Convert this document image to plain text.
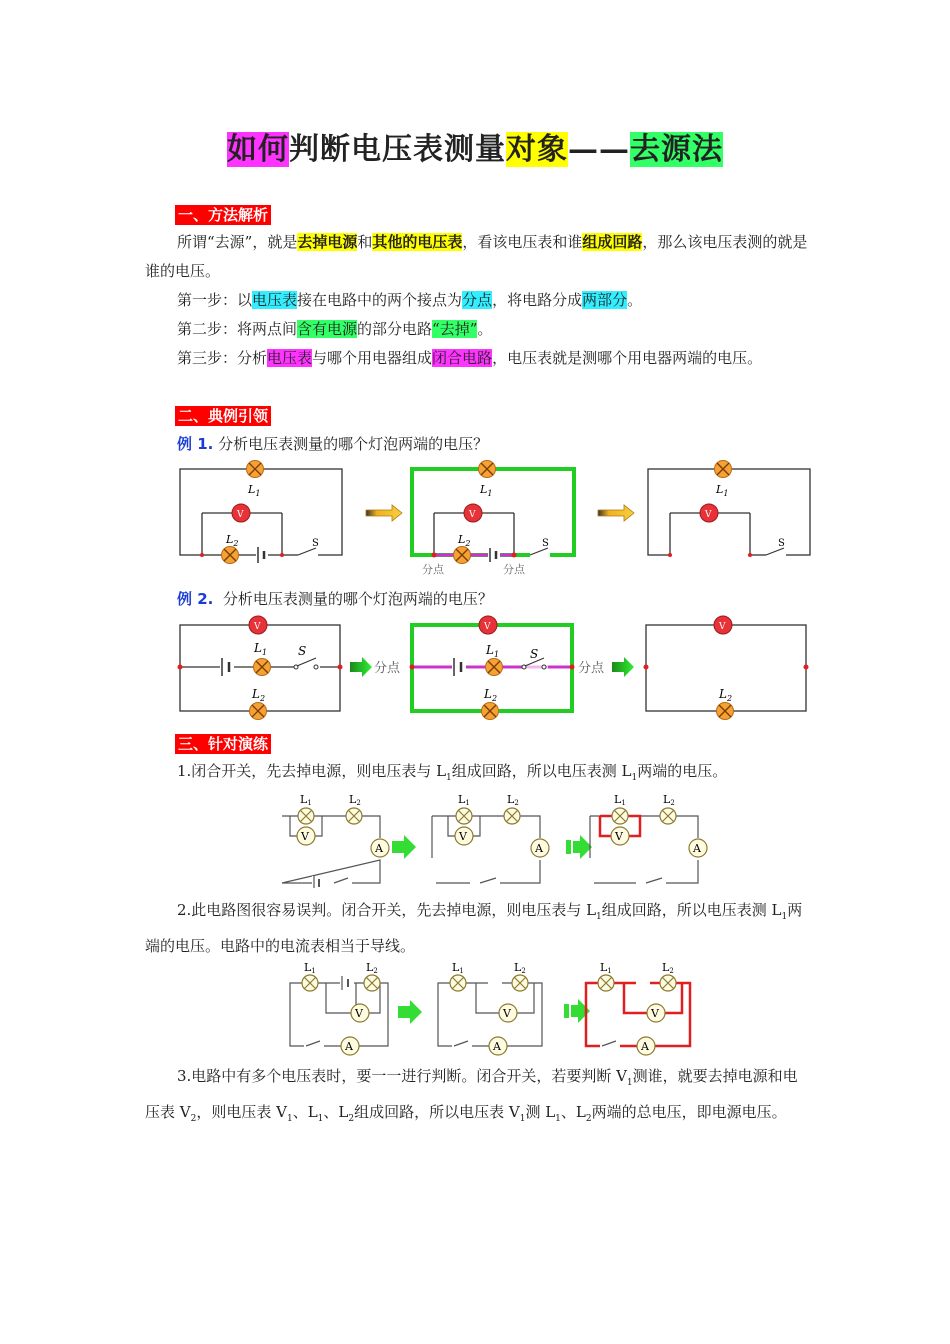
如何判断电压表测量对象——去源法
一、方法解析
所谓“去源”，就是去掉电源和其他的电压表，看该电压表和谁组成回路，那么该电压表测的就是谁的电压。
第一步：以电压表接在电路中的两个接点为分点，将电路分成两部分。
第二步：将两点间含有电源的部分电路“去掉”。
第三步：分析电压表与哪个用电器组成闭合电路，电压表就是测哪个用电器两端的电压。
二、典例引领
例 1. 分析电压表测量的哪个灯泡两端的电压？
$L_1$
V
$L_2$	S
$L_1$
V
$L_2$	S
分点	分点
$L_1$
V
S
例 2. 分析电压表测量的哪个灯泡两端的电压？
V
$L_1$	S
$L_2$
分点
V
$L_1$	S
$L_2$
分点
V
$L_2$
三、针对演练
1.闭合开关，先去掉电源，则电压表与 $L_1$组成回路，所以电压表测 $L_1$两端的电压。
V
A
L1	L2
V
A
L1	L2
V
A
L1	L2
2.此电路图很容易误判。闭合开关，先去掉电源，则电压表与 $L_1$组成回路，所以电压表测 $L_1$两端的电压。电路中的电流表相当于导线。
V
A
L1	L2
V
A
L1	L2
V
A
L1	L2
3.电路中有多个电压表时，要一一进行判断。闭合开关，若要判断 $V_1$测谁，就要去掉电源和电压表 $V_2$，则电压表 $V_1$、$L_1$、$L_2$组成回路，所以电压表 $V_1$测 $L_1$、$L_2$两端的总电压，即电源电压。
